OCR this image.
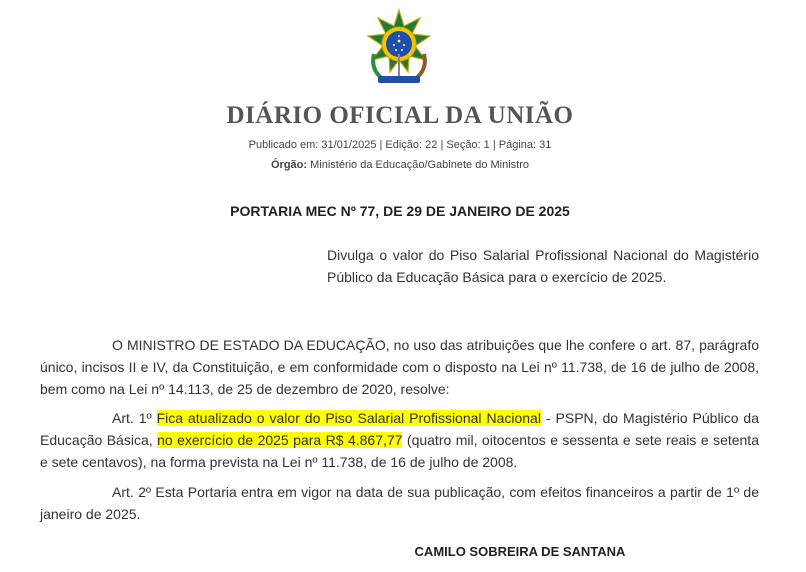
DIÁRIO OFICIAL DA UNIÃO
Publicado em: 31/01/2025 | Edição: 22 | Seção: 1 | Página: 31
Órgão: Ministério da Educação/Gabinete do Ministro
PORTARIA MEC Nº 77, DE 29 DE JANEIRO DE 2025
Divulga o valor do Piso Salarial Profissional Nacional do Magistério Público da Educação Básica para o exercício de 2025.
O MINISTRO DE ESTADO DA EDUCAÇÃO, no uso das atribuições que lhe confere o art. 87, parágrafo único, incisos II e IV, da Constituição, e em conformidade com o disposto na Lei nº 11.738, de 16 de julho de 2008, bem como na Lei nº 14.113, de 25 de dezembro de 2020, resolve:
Art. 1º Fica atualizado o valor do Piso Salarial Profissional Nacional - PSPN, do Magistério Público da Educação Básica, no exercício de 2025 para R$ 4.867,77 (quatro mil, oitocentos e sessenta e sete reais e setenta e sete centavos), na forma prevista na Lei nº 11.738, de 16 de julho de 2008.
Art. 2º Esta Portaria entra em vigor na data de sua publicação, com efeitos financeiros a partir de 1º de janeiro de 2025.
CAMILO SOBREIRA DE SANTANA
